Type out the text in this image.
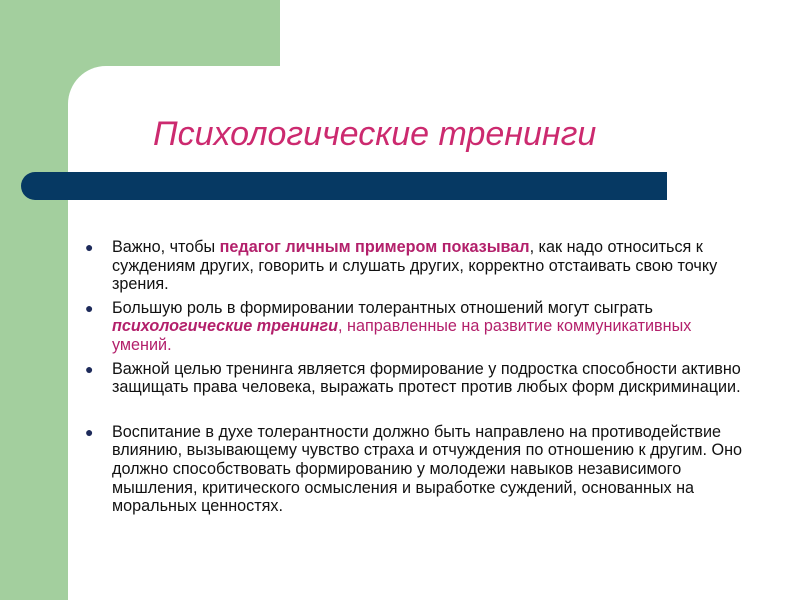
Психологические тренинги
● Важно, чтобы педагог личным примером показывал, как надо относиться к суждениям других, говорить и слушать других, корректно отстаивать свою точку зрения.
● Большую роль в формировании толерантных отношений могут сыграть психологические тренинги, направленные на развитие коммуникативных умений.
● Важной целью тренинга является формирование у подростка способности активно защищать права человека, выражать протест против любых форм дискриминации.
● Воспитание в духе толерантности должно быть направлено на противодействие влиянию, вызывающему чувство страха и отчуждения по отношению к другим. Оно должно способствовать формированию у молодежи навыков независимого мышления, критического осмысления и выработке суждений, основанных на моральных ценностях.
